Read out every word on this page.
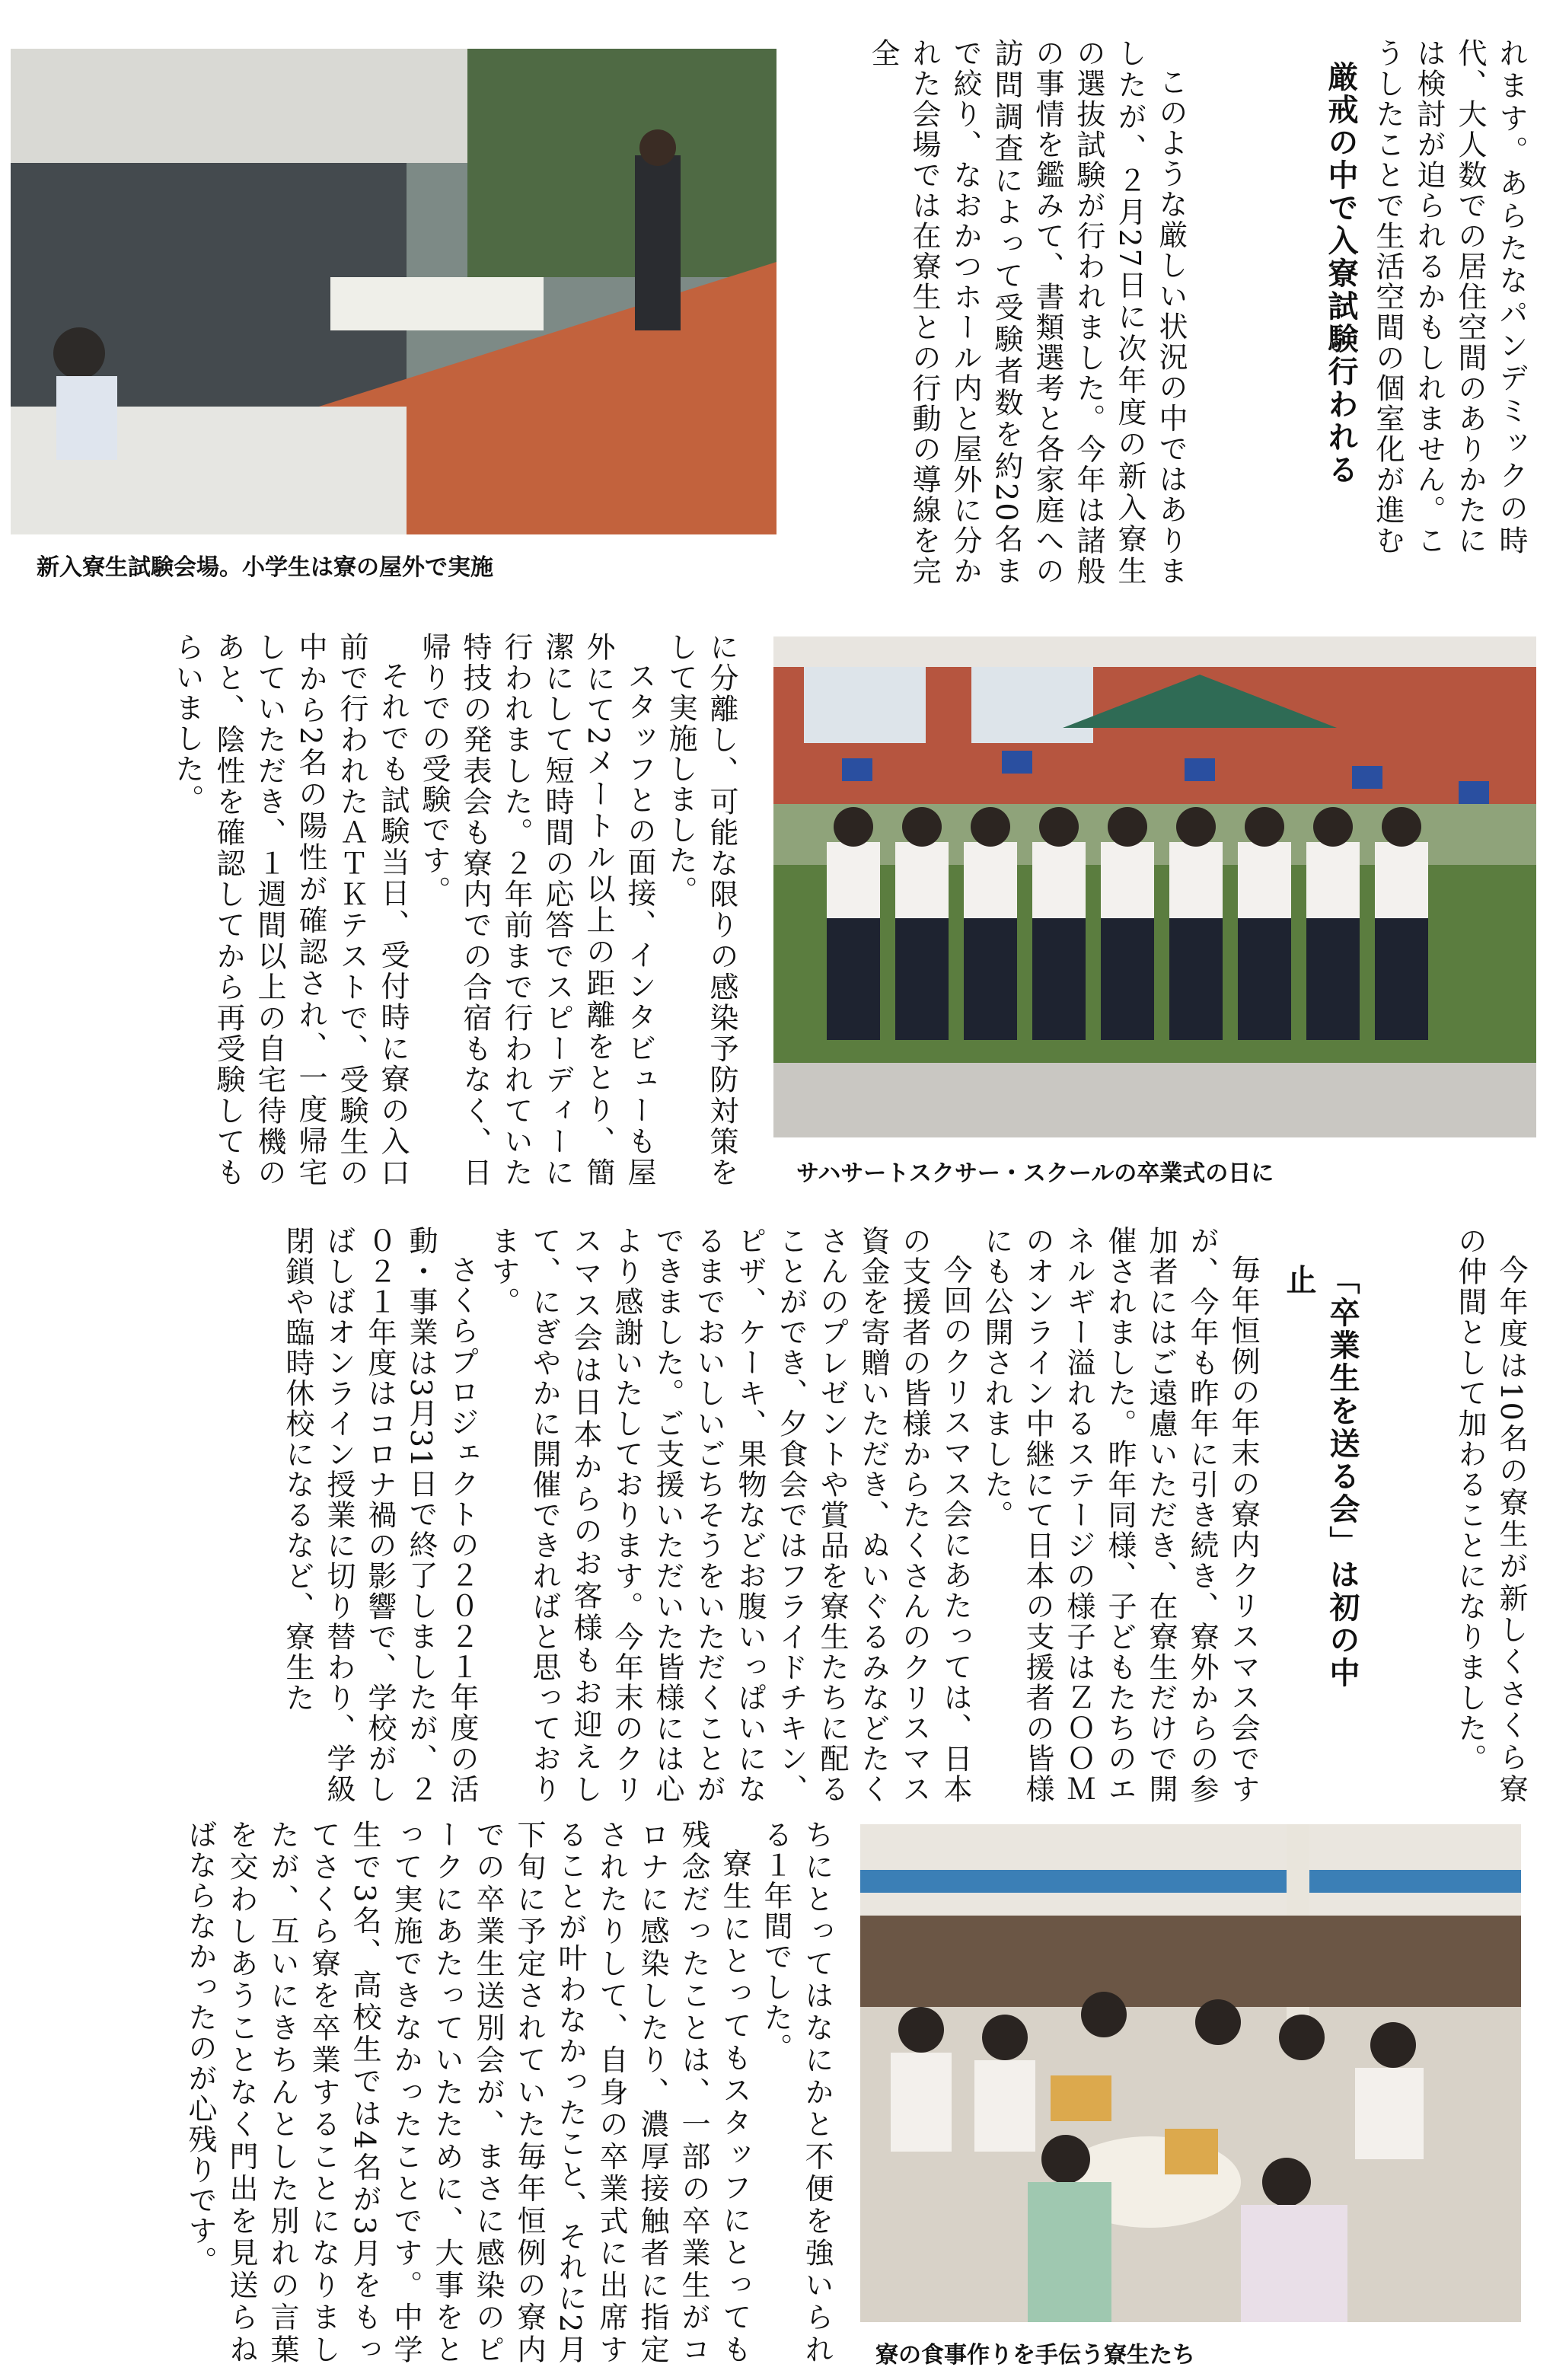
れます。あらたなパンデミックの時代、大人数での居住空間のありかたには検討が迫られるかもしれません。こうしたことで生活空間の個室化が進む

厳戒の中で入寮試験行われる

このような厳しい状況の中ではありましたが、２月27日に次年度の新入寮生の選抜試験が行われました。今年は諸般の事情を鑑みて、書類選考と各家庭への訪問調査によって受験者数を約20名まで絞り、なおかつホール内と屋外に分かれた会場では在寮生との行動の導線を完全

新入寮生試験会場。小学生は寮の屋外で実施

に分離し、可能な限りの感染予防対策をして実施しました。

スタッフとの面接、インタビューも屋外にて2メートル以上の距離をとり、簡潔にして短時間の応答でスピーディーに行われました。２年前まで行われていた特技の発表会も寮内での合宿もなく、日帰りでの受験です。

それでも試験当日、受付時に寮の入口前で行われたＡＴＫテストで、受験生の中から2名の陽性が確認され、一度帰宅していただき、１週間以上の自宅待機のあと、陰性を確認してから再受験してもらいました。

サハサートスクサー・スクールの卒業式の日に

今年度は10名の寮生が新しくさくら寮の仲間として加わることになりました。

「卒業生を送る会」は初の中止

毎年恒例の年末の寮内クリスマス会ですが、今年も昨年に引き続き、寮外からの参加者にはご遠慮いただき、在寮生だけで開催されました。昨年同様、子どもたちのエネルギー溢れるステージの様子はＺＯＯＭのオンライン中継にて日本の支援者の皆様にも公開されました。

今回のクリスマス会にあたっては、日本の支援者の皆様からたくさんのクリスマス資金を寄贈いただき、ぬいぐるみなどたくさんのプレゼントや賞品を寮生たちに配ることができ、夕食会ではフライドチキン、ピザ、ケーキ、果物などお腹いっぱいになるまでおいしいごちそうをいただくことができました。ご支援いただいた皆様には心より感謝いたしております。今年末のクリスマス会は日本からのお客様もお迎えして、にぎやかに開催できればと思っております。

さくらプロジェクトの２０２１年度の活動・事業は3月31日で終了しましたが、２０２１年度はコロナ禍の影響で、学校がしばしばオンライン授業に切り替わり、学級閉鎖や臨時休校になるなど、寮生た

ちにとってはなにかと不便を強いられる１年間でした。

寮生にとってもスタッフにとっても残念だったことは、一部の卒業生がコロナに感染したり、濃厚接触者に指定されたりして、自身の卒業式に出席することが叶わなかったこと、それに2月下旬に予定されていた毎年恒例の寮内での卒業生送別会が、まさに感染のピークにあたっていたために、大事をとって実施できなかったことです。中学生で3名、高校生では4名が3月をもってさくら寮を卒業することになりましたが、互いにきちんとした別れの言葉を交わしあうことなく門出を見送らねばならなかったのが心残りです。

寮の食事作りを手伝う寮生たち
